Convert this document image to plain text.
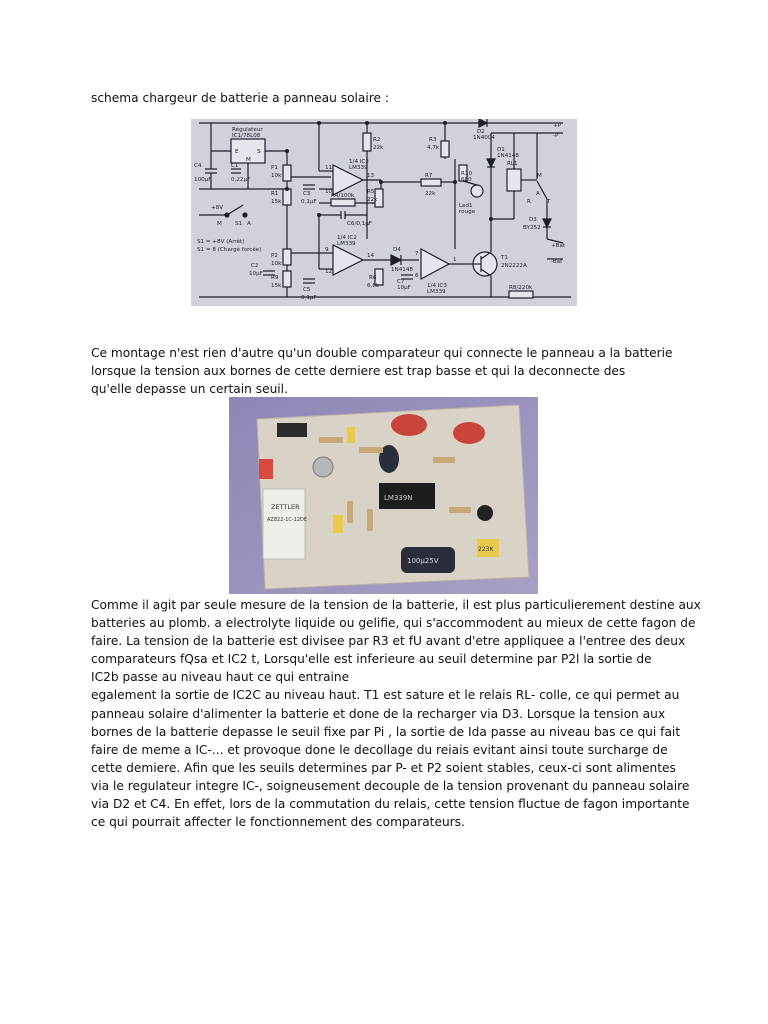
schema chargeur de batterie a panneau solaire :
Régulateur
IC1/78L08
E
M
S
C4
100µF
C1
0,22µF
P1
10k
R1
15k
C3
0,1µF
R4/100k
C6/0,1µF
1/4 IC2
LM339
1/4 IC2
LM339
1/4 IC3
LM339
R2
22k
R5
22k
R3
4,7k
R7
22k
D2
1N4004
D1
1N4148
R10
680
Led1
rouge
RL1
D3
BY252
T1
2N2222A
R8/220k
D4
1N4148
R6
6,8k
C7
10µF
P2
10k
R9
15k
C2
10µF
C5
0,1µF
+8V
S1
M	A
S1 = +8V (Arrêt)
S1 = 8 (Chargé forcée)
+P
-P
+Bat
-Bat
M
R	T
A
11
10
13
14
9
12
7
6
1
Ce montage n'est rien d'autre qu'un double comparateur qui connecte le panneau a la batterie
lorsque la tension aux bornes de cette derniere est trap basse et qui la deconnecte des
qu'elle depasse un certain seuil.
LM339N
ZETTLER
AZ822-1C-12DE
100µ25V
223K
Comme il agit par seule mesure de la tension de la batterie, il est plus particulierement destine aux
batteries au plomb. a electrolyte liquide ou gelifie, qui s'accommodent au mieux de cette fagon de
faire. La tension de la batterie est divisee par R3 et fU avant d'etre appliquee a l'entree des deux
comparateurs fQsa et IC2 t, Lorsqu'elle est inferieure au seuil determine par P2l la sortie de
IC2b passe au niveau haut ce qui entraine
egalement la sortie de IC2C au niveau haut. T1 est sature et le relais RL- colle, ce qui permet au
panneau solaire d'alimenter la batterie et done de la recharger via D3. Lorsque la tension aux
bornes de la batterie depasse le seuil fixe par Pi , la sortie de Ida passe au niveau bas ce qui fait
faire de meme a IC-... et provoque done le decollage du reiais evitant ainsi toute surcharge de
cette demiere. Afin que les seuils determines par P- et P2 soient stables, ceux-ci sont alimentes
via le regulateur integre IC-, soigneusement decouple de la tension provenant du panneau solaire
via D2 et C4. En effet, lors de la commutation du relais, cette tension fluctue de fagon importante
ce qui pourrait affecter le fonctionnement des comparateurs.
